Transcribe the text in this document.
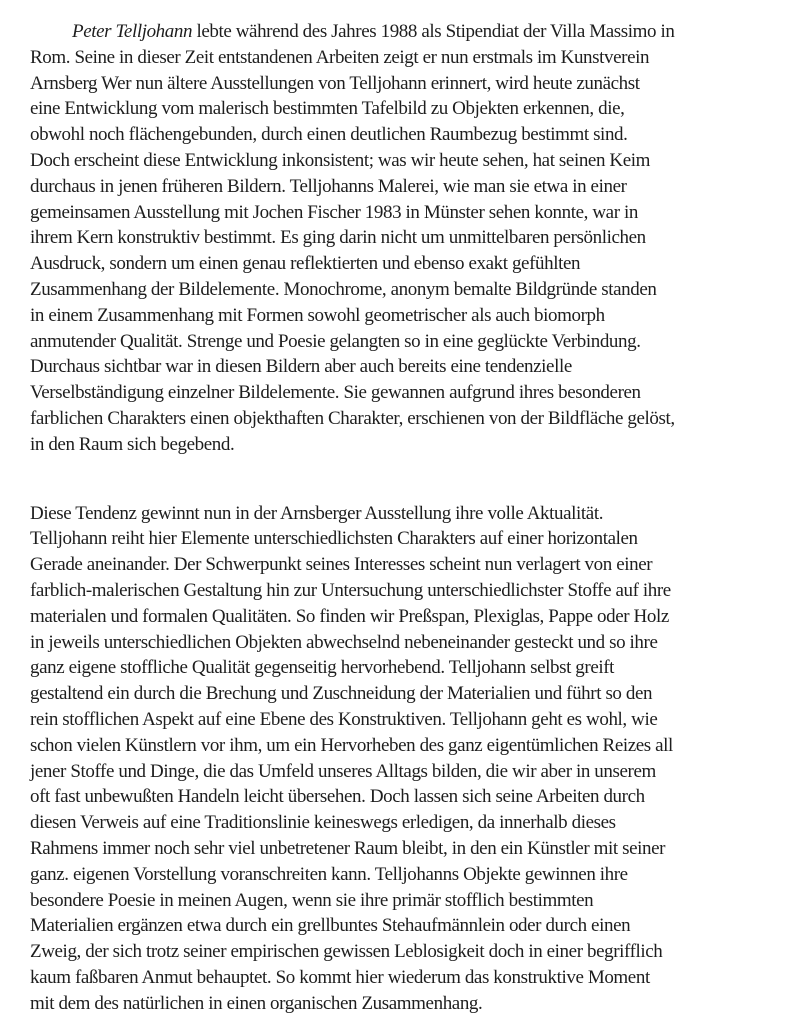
Peter Telljohann lebte während des Jahres 1988 als Stipendiat der Villa Massimo in
Rom. Seine in dieser Zeit entstandenen Arbeiten zeigt er nun erstmals im Kunstverein
Arnsberg Wer nun ältere Ausstellungen von Telljohann erinnert, wird heute zunächst
eine Entwicklung vom malerisch bestimmten Tafelbild zu Objekten erkennen, die,
obwohl noch flächengebunden, durch einen deutlichen Raumbezug bestimmt sind.
Doch erscheint diese Entwicklung inkonsistent; was wir heute sehen, hat seinen Keim
durchaus in jenen früheren Bildern. Telljohanns Malerei, wie man sie etwa in einer
gemeinsamen Ausstellung mit Jochen Fischer 1983 in Münster sehen konnte, war in
ihrem Kern konstruktiv bestimmt. Es ging darin nicht um unmittelbaren persönlichen
Ausdruck, sondern um einen genau reflektierten und ebenso exakt gefühlten
Zusammenhang der Bildelemente. Monochrome, anonym bemalte Bildgründe standen
in einem Zusammenhang mit Formen sowohl geometrischer als auch biomorph
anmutender Qualität. Strenge und Poesie gelangten so in eine geglückte Verbindung.
Durchaus sichtbar war in diesen Bildern aber auch bereits eine tendenzielle
Verselbständigung einzelner Bildelemente. Sie gewannen aufgrund ihres besonderen
farblichen Charakters einen objekthaften Charakter, erschienen von der Bildfläche gelöst,
in den Raum sich begebend.
Diese Tendenz gewinnt nun in der Arnsberger Ausstellung ihre volle Aktualität.
Telljohann reiht hier Elemente unterschiedlichsten Charakters auf einer horizontalen
Gerade aneinander. Der Schwerpunkt seines Interesses scheint nun verlagert von einer
farblich-malerischen Gestaltung hin zur Untersuchung unterschiedlichster Stoffe auf ihre
materialen und formalen Qualitäten. So finden wir Preßspan, Plexiglas, Pappe oder Holz
in jeweils unterschiedlichen Objekten abwechselnd nebeneinander gesteckt und so ihre
ganz eigene stoffliche Qualität gegenseitig hervorhebend. Telljohann selbst greift
gestaltend ein durch die Brechung und Zuschneidung der Materialien und führt so den
rein stofflichen Aspekt auf eine Ebene des Konstruktiven. Telljohann geht es wohl, wie
schon vielen Künstlern vor ihm, um ein Hervorheben des ganz eigentümlichen Reizes all
jener Stoffe und Dinge, die das Umfeld unseres Alltags bilden, die wir aber in unserem
oft fast unbewußten Handeln leicht übersehen. Doch lassen sich seine Arbeiten durch
diesen Verweis auf eine Traditionslinie keineswegs erledigen, da innerhalb dieses
Rahmens immer noch sehr viel unbetretener Raum bleibt, in den ein Künstler mit seiner
ganz. eigenen Vorstellung voranschreiten kann. Telljohanns Objekte gewinnen ihre
besondere Poesie in meinen Augen, wenn sie ihre primär stofflich bestimmten
Materialien ergänzen etwa durch ein grellbuntes Stehaufmännlein oder durch einen
Zweig, der sich trotz seiner empirischen gewissen Leblosigkeit doch in einer begrifflich
kaum faßbaren Anmut behauptet. So kommt hier wiederum das konstruktive Moment
mit dem des natürlichen in einen organischen Zusammenhang.
